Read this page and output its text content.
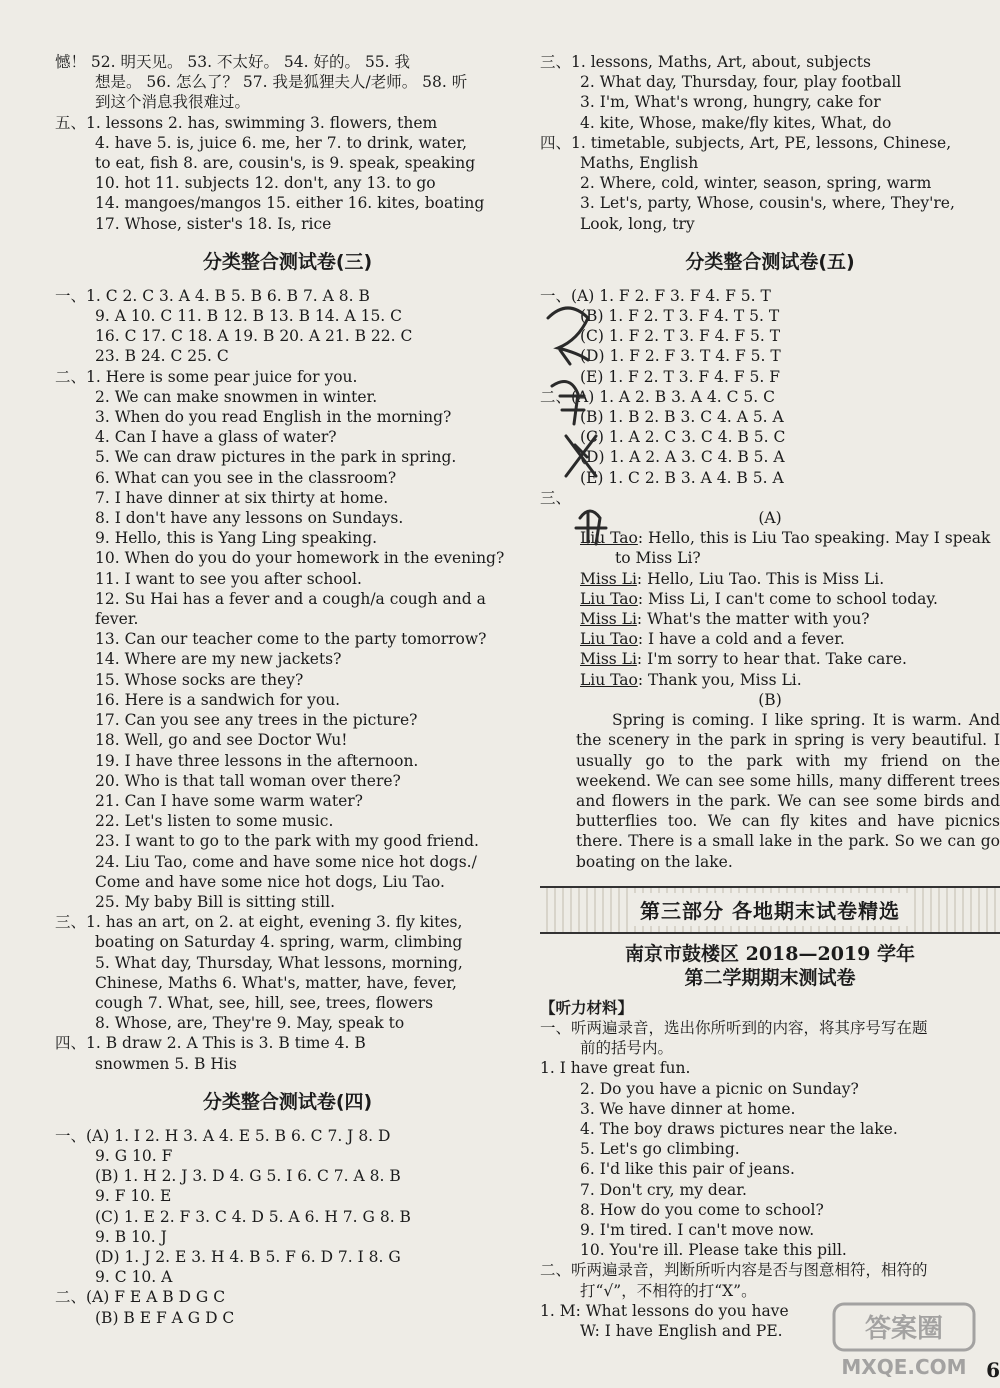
憾！ 52. 明天见。 53. 不太好。 54. 好的。 55. 我
想是。 56. 怎么了？ 57. 我是狐狸夫人/老师。 58. 听
到这个消息我很难过。
五、1. lessons 2. has, swimming 3. flowers, them
4. have 5. is, juice 6. me, her 7. to drink, water,
to eat, fish 8. are, cousin's, is 9. speak, speaking
10. hot 11. subjects 12. don't, any 13. to go
14. mangoes/mangos 15. either 16. kites, boating
17. Whose, sister's 18. Is, rice
分类整合测试卷(三)
一、1. C 2. C 3. A 4. B 5. B 6. B 7. A 8. B
9. A 10. C 11. B 12. B 13. B 14. A 15. C
16. C 17. C 18. A 19. B 20. A 21. B 22. C
23. B 24. C 25. C
二、1. Here is some pear juice for you.
2. We can make snowmen in winter.
3. When do you read English in the morning?
4. Can I have a glass of water?
5. We can draw pictures in the park in spring.
6. What can you see in the classroom?
7. I have dinner at six thirty at home.
8. I don't have any lessons on Sundays.
9. Hello, this is Yang Ling speaking.
10. When do you do your homework in the evening?
11. I want to see you after school.
12. Su Hai has a fever and a cough/a cough and a
fever.
13. Can our teacher come to the party tomorrow?
14. Where are my new jackets?
15. Whose socks are they?
16. Here is a sandwich for you.
17. Can you see any trees in the picture?
18. Well, go and see Doctor Wu!
19. I have three lessons in the afternoon.
20. Who is that tall woman over there?
21. Can I have some warm water?
22. Let's listen to some music.
23. I want to go to the park with my good friend.
24. Liu Tao, come and have some nice hot dogs./
Come and have some nice hot dogs, Liu Tao.
25. My baby Bill is sitting still.
三、1. has an art, on 2. at eight, evening 3. fly kites,
boating on Saturday 4. spring, warm, climbing
5. What day, Thursday, What lessons, morning,
Chinese, Maths 6. What's, matter, have, fever,
cough 7. What, see, hill, see, trees, flowers
8. Whose, are, They're 9. May, speak to
四、1. B draw 2. A This is 3. B time 4. B
snowmen 5. B His
分类整合测试卷(四)
一、(A) 1. I 2. H 3. A 4. E 5. B 6. C 7. J 8. D
9. G 10. F
(B) 1. H 2. J 3. D 4. G 5. I 6. C 7. A 8. B
9. F 10. E
(C) 1. E 2. F 3. C 4. D 5. A 6. H 7. G 8. B
9. B 10. J
(D) 1. J 2. E 3. H 4. B 5. F 6. D 7. I 8. G
9. C 10. A
二、(A) F E A B D G C
(B) B E F A G D C
三、1. lessons, Maths, Art, about, subjects
2. What day, Thursday, four, play football
3. I'm, What's wrong, hungry, cake for
4. kite, Whose, make/fly kites, What, do
四、1. timetable, subjects, Art, PE, lessons, Chinese,
Maths, English
2. Where, cold, winter, season, spring, warm
3. Let's, party, Whose, cousin's, where, They're,
Look, long, try
分类整合测试卷(五)
一、(A) 1. F 2. F 3. F 4. F 5. T
(B) 1. F 2. T 3. F 4. T 5. T
(C) 1. F 2. T 3. F 4. F 5. T
(D) 1. F 2. F 3. T 4. F 5. T
(E) 1. F 2. T 3. F 4. F 5. F
二、(A) 1. A 2. B 3. A 4. C 5. C
(B) 1. B 2. B 3. C 4. A 5. A
(C) 1. A 2. C 3. C 4. B 5. C
(D) 1. A 2. A 3. C 4. B 5. A
(E) 1. C 2. B 3. A 4. B 5. A
三、
(A)
Liu Tao: Hello, this is Liu Tao speaking. May I speak
to Miss Li?
Miss Li: Hello, Liu Tao. This is Miss Li.
Liu Tao: Miss Li, I can't come to school today.
Miss Li: What's the matter with you?
Liu Tao: I have a cold and a fever.
Miss Li: I'm sorry to hear that. Take care.
Liu Tao: Thank you, Miss Li.
(B)
Spring is coming. I like spring. It is warm. And the scenery in the park in spring is very beautiful. I usually go to the park with my friend on the weekend. We can see some hills, many different trees and flowers in the park. We can see some birds and butterflies too. We can fly kites and have picnics there. There is a small lake in the park. So we can go boating on the lake.
第三部分 各地期末试卷精选
南京市鼓楼区 2018—2019 学年
第二学期期末测试卷
【听力材料】
一、听两遍录音，选出你所听到的内容，将其序号写在题
前的括号内。
1. I have great fun.
2. Do you have a picnic on Sunday?
3. We have dinner at home.
4. The boy draws pictures near the lake.
5. Let's go climbing.
6. I'd like this pair of jeans.
7. Don't cry, my dear.
8. How do you come to school?
9. I'm tired. I can't move now.
10. You're ill. Please take this pill.
二、听两遍录音，判断所听内容是否与图意相符，相符的
打“√”，不相符的打“X”。
1. M: What lessons do you have
W: I have English and PE.	答案圈
MXQE.COM 6
